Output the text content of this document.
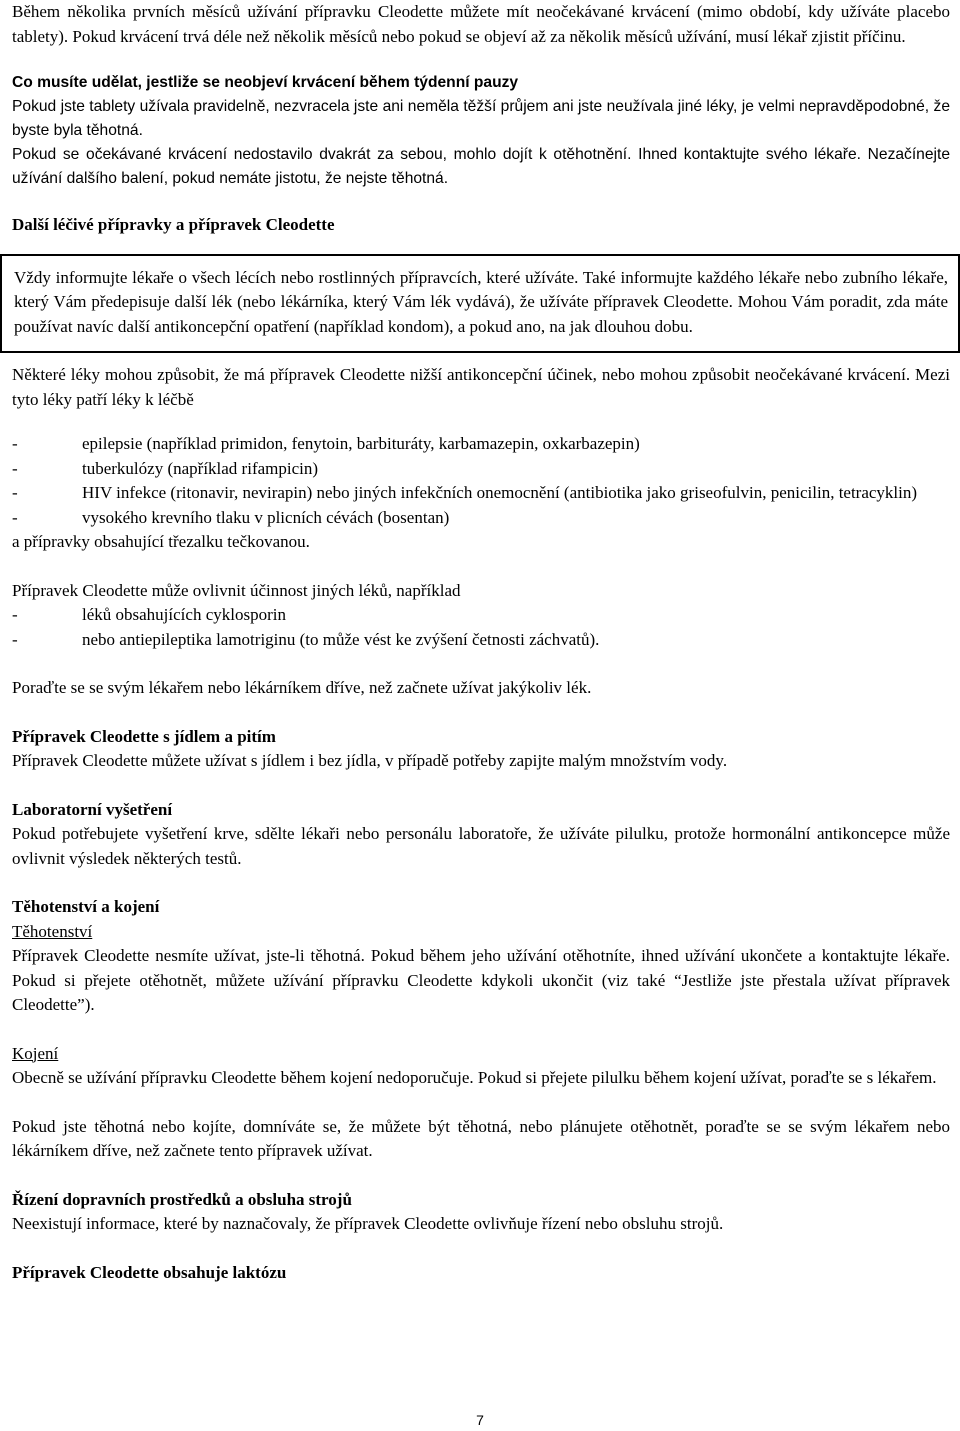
Během několika prvních měsíců užívání přípravku Cleodette můžete mít neočekávané krvácení (mimo období, kdy užíváte placebo tablety). Pokud krvácení trvá déle než několik měsíců nebo pokud se objeví až za několik měsíců užívání, musí lékař zjistit příčinu.

Co musíte udělat, jestliže se neobjeví krvácení během týdenní pauzy

Pokud jste tablety užívala pravidelně, nezvracela jste ani neměla těžší průjem ani jste neužívala jiné léky, je velmi nepravděpodobné, že byste byla těhotná.

Pokud se očekávané krvácení nedostavilo dvakrát za sebou, mohlo dojít k otěhotnění. Ihned kontaktujte svého lékaře. Nezačínejte užívání dalšího balení, pokud nemáte jistotu, že nejste těhotná.

Další léčivé přípravky a přípravek Cleodette

Vždy informujte lékaře o všech lécích nebo rostlinných přípravcích, které užíváte. Také informujte každého lékaře nebo zubního lékaře, který Vám předepisuje další lék (nebo lékárníka, který Vám lék vydává), že užíváte přípravek Cleodette. Mohou Vám poradit, zda máte používat navíc další antikoncepční opatření (například kondom), a pokud ano, na jak dlouhou dobu.

Některé léky mohou způsobit, že má přípravek Cleodette nižší antikoncepční účinek, nebo mohou způsobit neočekávané krvácení. Mezi tyto léky patří léky k léčbě

-	epilepsie (například primidon, fenytoin, barbituráty, karbamazepin, oxkarbazepin)
-	tuberkulózy (například rifampicin)
-	HIV infekce (ritonavir, nevirapin) nebo jiných infekčních onemocnění (antibiotika jako griseofulvin, penicilin, tetracyklin)
-	vysokého krevního tlaku v plicních cévách (bosentan)

a přípravky obsahující třezalku tečkovanou.

Přípravek Cleodette může ovlivnit účinnost jiných léků, například

-	léků obsahujících cyklosporin
-	nebo antiepileptika lamotriginu (to může vést ke zvýšení četnosti záchvatů).

Poraďte se se svým lékařem nebo lékárníkem dříve, než začnete užívat jakýkoliv lék.

Přípravek Cleodette s jídlem a pitím

Přípravek Cleodette můžete užívat s jídlem i bez jídla, v případě potřeby zapijte malým množstvím vody.

Laboratorní vyšetření

Pokud potřebujete vyšetření krve, sdělte lékaři nebo personálu laboratoře, že užíváte pilulku, protože hormonální antikoncepce může ovlivnit výsledek některých testů.

Těhotenství a kojení

Těhotenství

Přípravek Cleodette nesmíte užívat, jste-li těhotná. Pokud během jeho užívání otěhotníte, ihned užívání ukončete a kontaktujte lékaře. Pokud si přejete otěhotnět, můžete užívání přípravku Cleodette kdykoli ukončit (viz také “Jestliže jste přestala užívat přípravek Cleodette”).

Kojení

Obecně se užívání přípravku Cleodette během kojení nedoporučuje. Pokud si přejete pilulku během kojení užívat, poraďte se s lékařem.

Pokud jste těhotná nebo kojíte, domníváte se, že můžete být těhotná, nebo plánujete otěhotnět, poraďte se se svým lékařem nebo lékárníkem dříve, než začnete tento přípravek užívat.

Řízení dopravních prostředků a obsluha strojů

Neexistují informace, které by naznačovaly, že přípravek Cleodette ovlivňuje řízení nebo obsluhu strojů.

Přípravek Cleodette obsahuje laktózu

7
